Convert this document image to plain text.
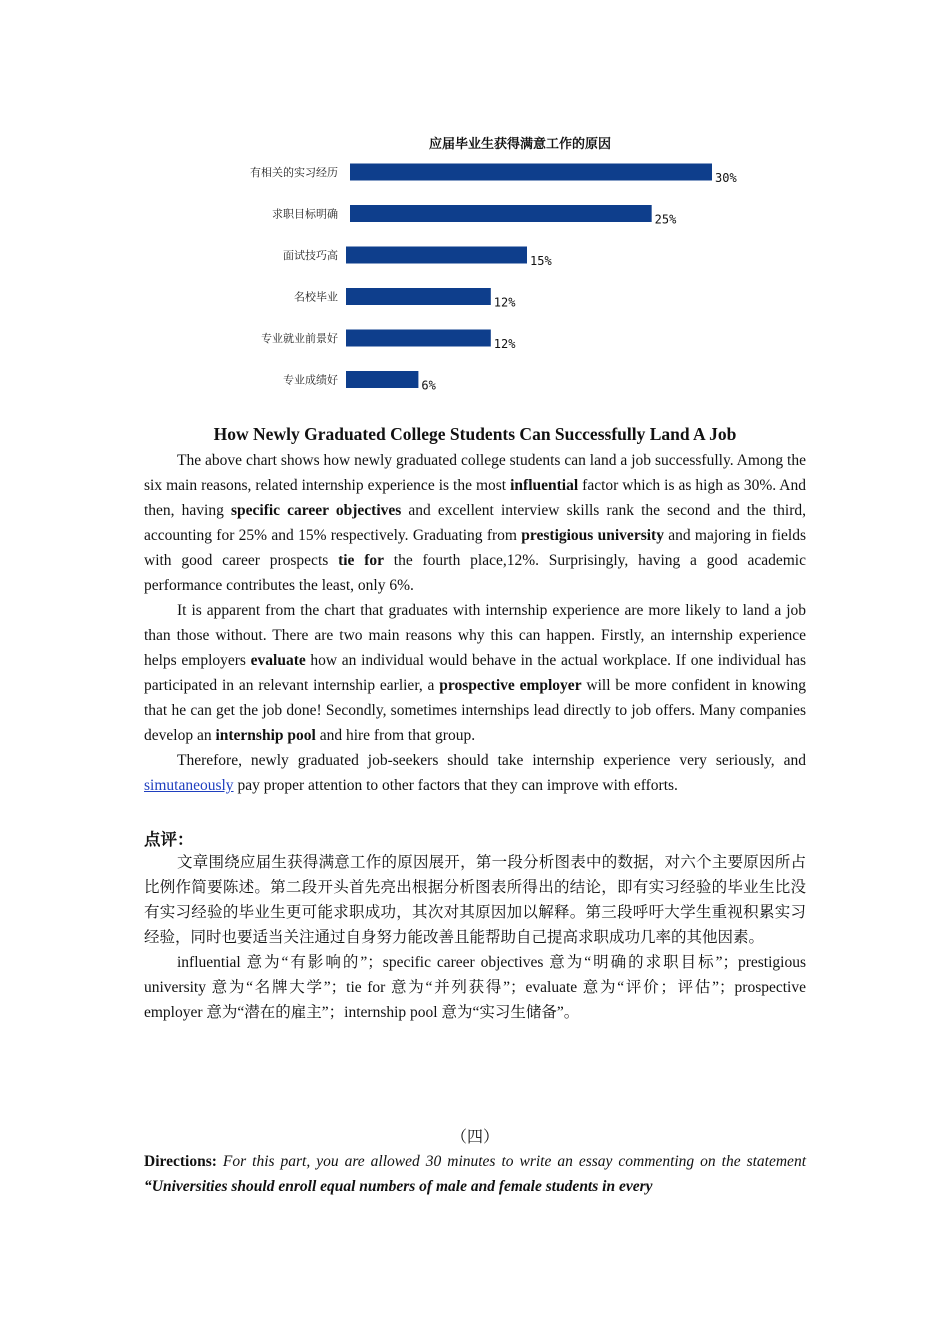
应届毕业生获得满意工作的原因
有相关的实习经历	30%
求职目标明确	25%
面试技巧高	15%
名校毕业	12%
专业就业前景好	12%
专业成绩好	6%
How Newly Graduated College Students Can Successfully Land A Job

The above chart shows how newly graduated college students can land a job successfully. Among the six main reasons, related internship experience is the most influential factor which is as high as 30%. And then, having specific career objectives and excellent interview skills rank the second and the third, accounting for 25% and 15% respectively. Graduating from prestigious university and majoring in fields with good career prospects tie for the fourth place,12%. Surprisingly, having a good academic performance contributes the least, only 6%.

It is apparent from the chart that graduates with internship experience are more likely to land a job than those without. There are two main reasons why this can happen. Firstly, an internship experience helps employers evaluate how an individual would behave in the actual workplace. If one individual has participated in an relevant internship earlier, a prospective employer will be more confident in knowing that he can get the job done! Secondly, sometimes internships lead directly to job offers. Many companies develop an internship pool and hire from that group.

Therefore, newly graduated job-seekers should take internship experience very seriously, and simutaneously pay proper attention to other factors that they can improve with efforts.

点评：

文章围绕应届生获得满意工作的原因展开，第一段分析图表中的数据，对六个主要原因所占比例作简要陈述。第二段开头首先亮出根据分析图表所得出的结论，即有实习经验的毕业生比没有实习经验的毕业生更可能求职成功，其次对其原因加以解释。第三段呼吁大学生重视积累实习经验，同时也要适当关注通过自身努力能改善且能帮助自己提高求职成功几率的其他因素。

influential 意为“有影响的”；specific career objectives 意为“明确的求职目标”；prestigious university 意为“名牌大学”；tie for 意为“并列获得”；evaluate 意为“评价；评估”；prospective employer 意为“潜在的雇主”；internship pool 意为“实习生储备”。

（四）
Directions: For this part, you are allowed 30 minutes to write an essay commenting on the statement “Universities should enroll equal numbers of male and female students in every
